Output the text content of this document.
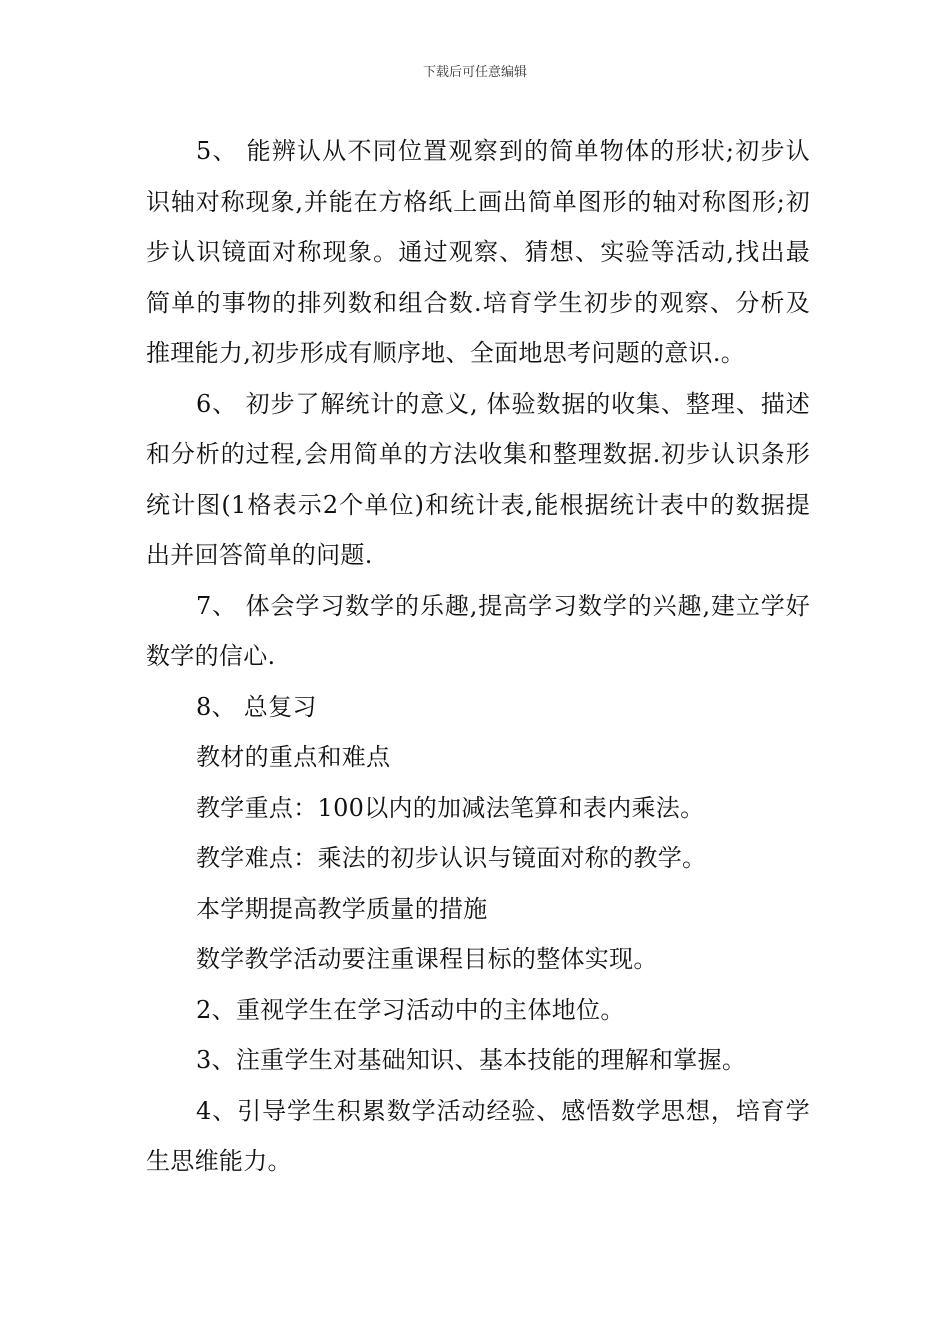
下载后可任意编辑

5、 能辨认从不同位置观察到的简单物体的形状;初步认识轴对称现象,并能在方格纸上画出简单图形的轴对称图形;初步认识镜面对称现象。通过观察、猜想、实验等活动,找出最简单的事物的排列数和组合数.培育学生初步的观察、分析及推理能力,初步形成有顺序地、全面地思考问题的意识.。

6、 初步了解统计的意义, 体验数据的收集、整理、描述和分析的过程,会用简单的方法收集和整理数据.初步认识条形统计图(1格表示2个单位)和统计表,能根据统计表中的数据提出并回答简单的问题.

7、 体会学习数学的乐趣,提高学习数学的兴趣,建立学好数学的信心.

8、 总复习

教材的重点和难点

教学重点：100以内的加减法笔算和表内乘法。

教学难点：乘法的初步认识与镜面对称的教学。

本学期提高教学质量的措施

数学教学活动要注重课程目标的整体实现。

2、重视学生在学习活动中的主体地位。

3、注重学生对基础知识、基本技能的理解和掌握。

4、引导学生积累数学活动经验、感悟数学思想，培育学生思维能力。
